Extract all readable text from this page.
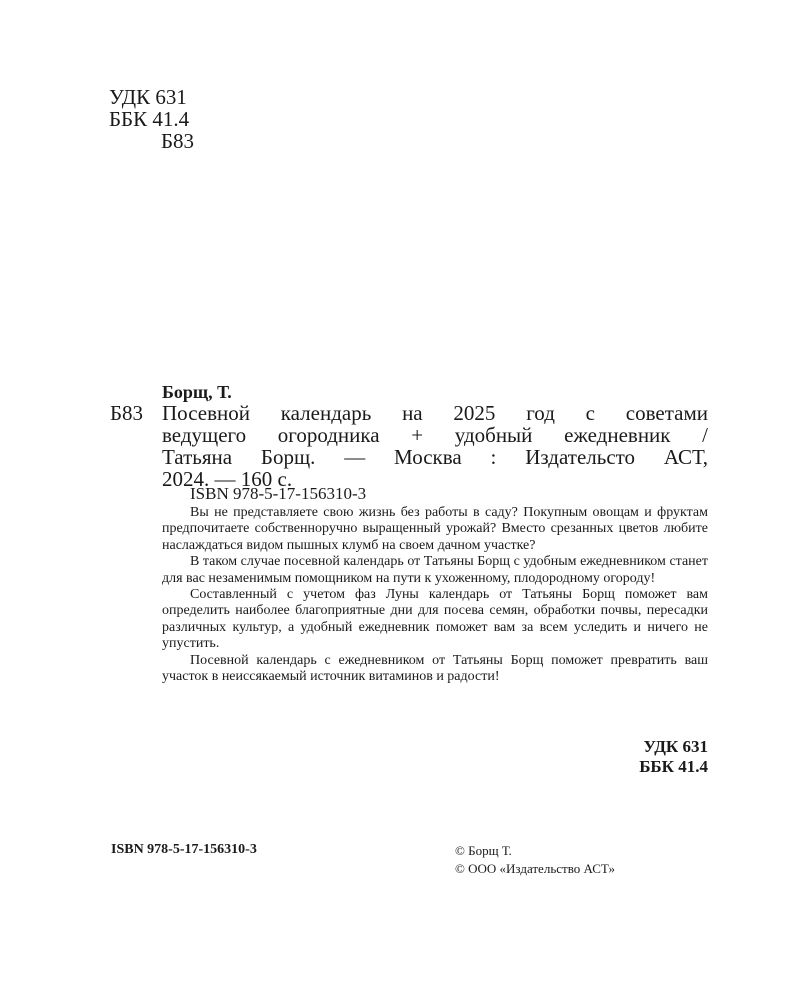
УДК 631
ББК 41.4
Б83
Борщ, Т.
Б83 Посевной календарь на 2025 год с советами
ведущего огородника + удобный ежедневник /
Татьяна Борщ. — Москва : Издательсто АСТ,
2024. — 160 с.
ISBN 978-5-17-156310-3

Вы не представляете свою жизнь без работы в саду? Покупным овощам и фруктам предпочитаете собственноручно выращенный урожай? Вместо срезанных цветов любите наслаждаться видом пышных клумб на своем дачном участке?

В таком случае посевной календарь от Татьяны Борщ с удобным ежедневником станет для вас незаменимым помощником на пути к ухоженному, плодородному огороду!

Составленный с учетом фаз Луны календарь от Татьяны Борщ поможет вам определить наиболее благоприятные дни для посева семян, обработки почвы, пересадки различных культур, а удобный ежедневник поможет вам за всем уследить и ничего не упустить.

Посевной календарь с ежедневником от Татьяны Борщ поможет превратить ваш участок в неиссякаемый источник витаминов и радости!

УДК 631
ББК 41.4
ISBN 978-5-17-156310-3	© Борщ Т.
© ООО «Издательство АСТ»
